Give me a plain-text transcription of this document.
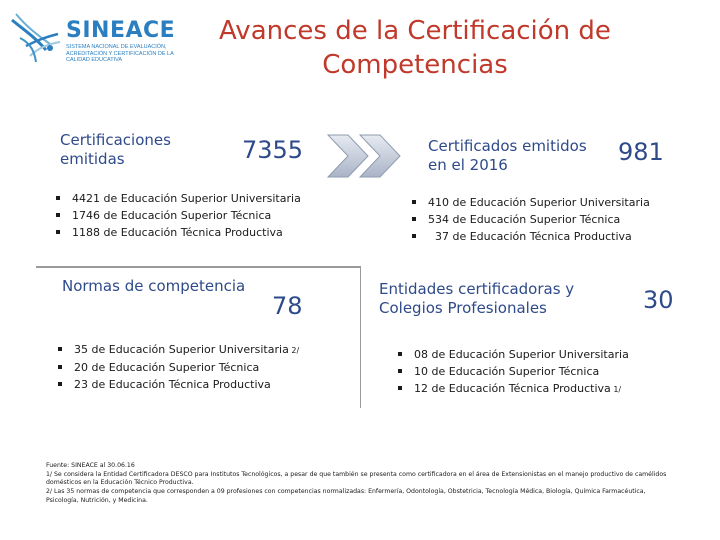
SINEACE
SISTEMA NACIONAL DE EVALUACIÓN, ACREDITACIÓN Y CERTIFICACIÓN DE LA CALIDAD EDUCATIVA
Avances de la Certificación de
Competencias
Certificaciones
emitidas	7355
4421 de Educación Superior Universitaria
1746 de Educación Superior Técnica
1188 de Educación Técnica Productiva
Certificados emitidos
en el 2016	981
410 de Educación Superior Universitaria
534 de Educación Superior Técnica
37 de Educación Técnica Productiva
Normas de competencia
78
35 de Educación Superior Universitaria 2/
20 de Educación Superior Técnica
23 de Educación Técnica Productiva
Entidades certificadoras y
Colegios Profesionales	30
08 de Educación Superior Universitaria
10 de Educación Superior Técnica
12 de Educación Técnica Productiva 1/
Fuente: SINEACE al 30.06.16
1/ Se considera la Entidad Certificadora DESCO para Institutos Tecnológicos, a pesar de que también se presenta como certificadora en el área de Extensionistas en el manejo productivo de camélidos domésticos en la Educación Técnico Productiva.
2/ Las 35 normas de competencia que corresponden a 09 profesiones con competencias normalizadas: Enfermería, Odontología, Obstetricia, Tecnología Médica, Biología, Química Farmacéutica, Psicología, Nutrición, y Medicina.
